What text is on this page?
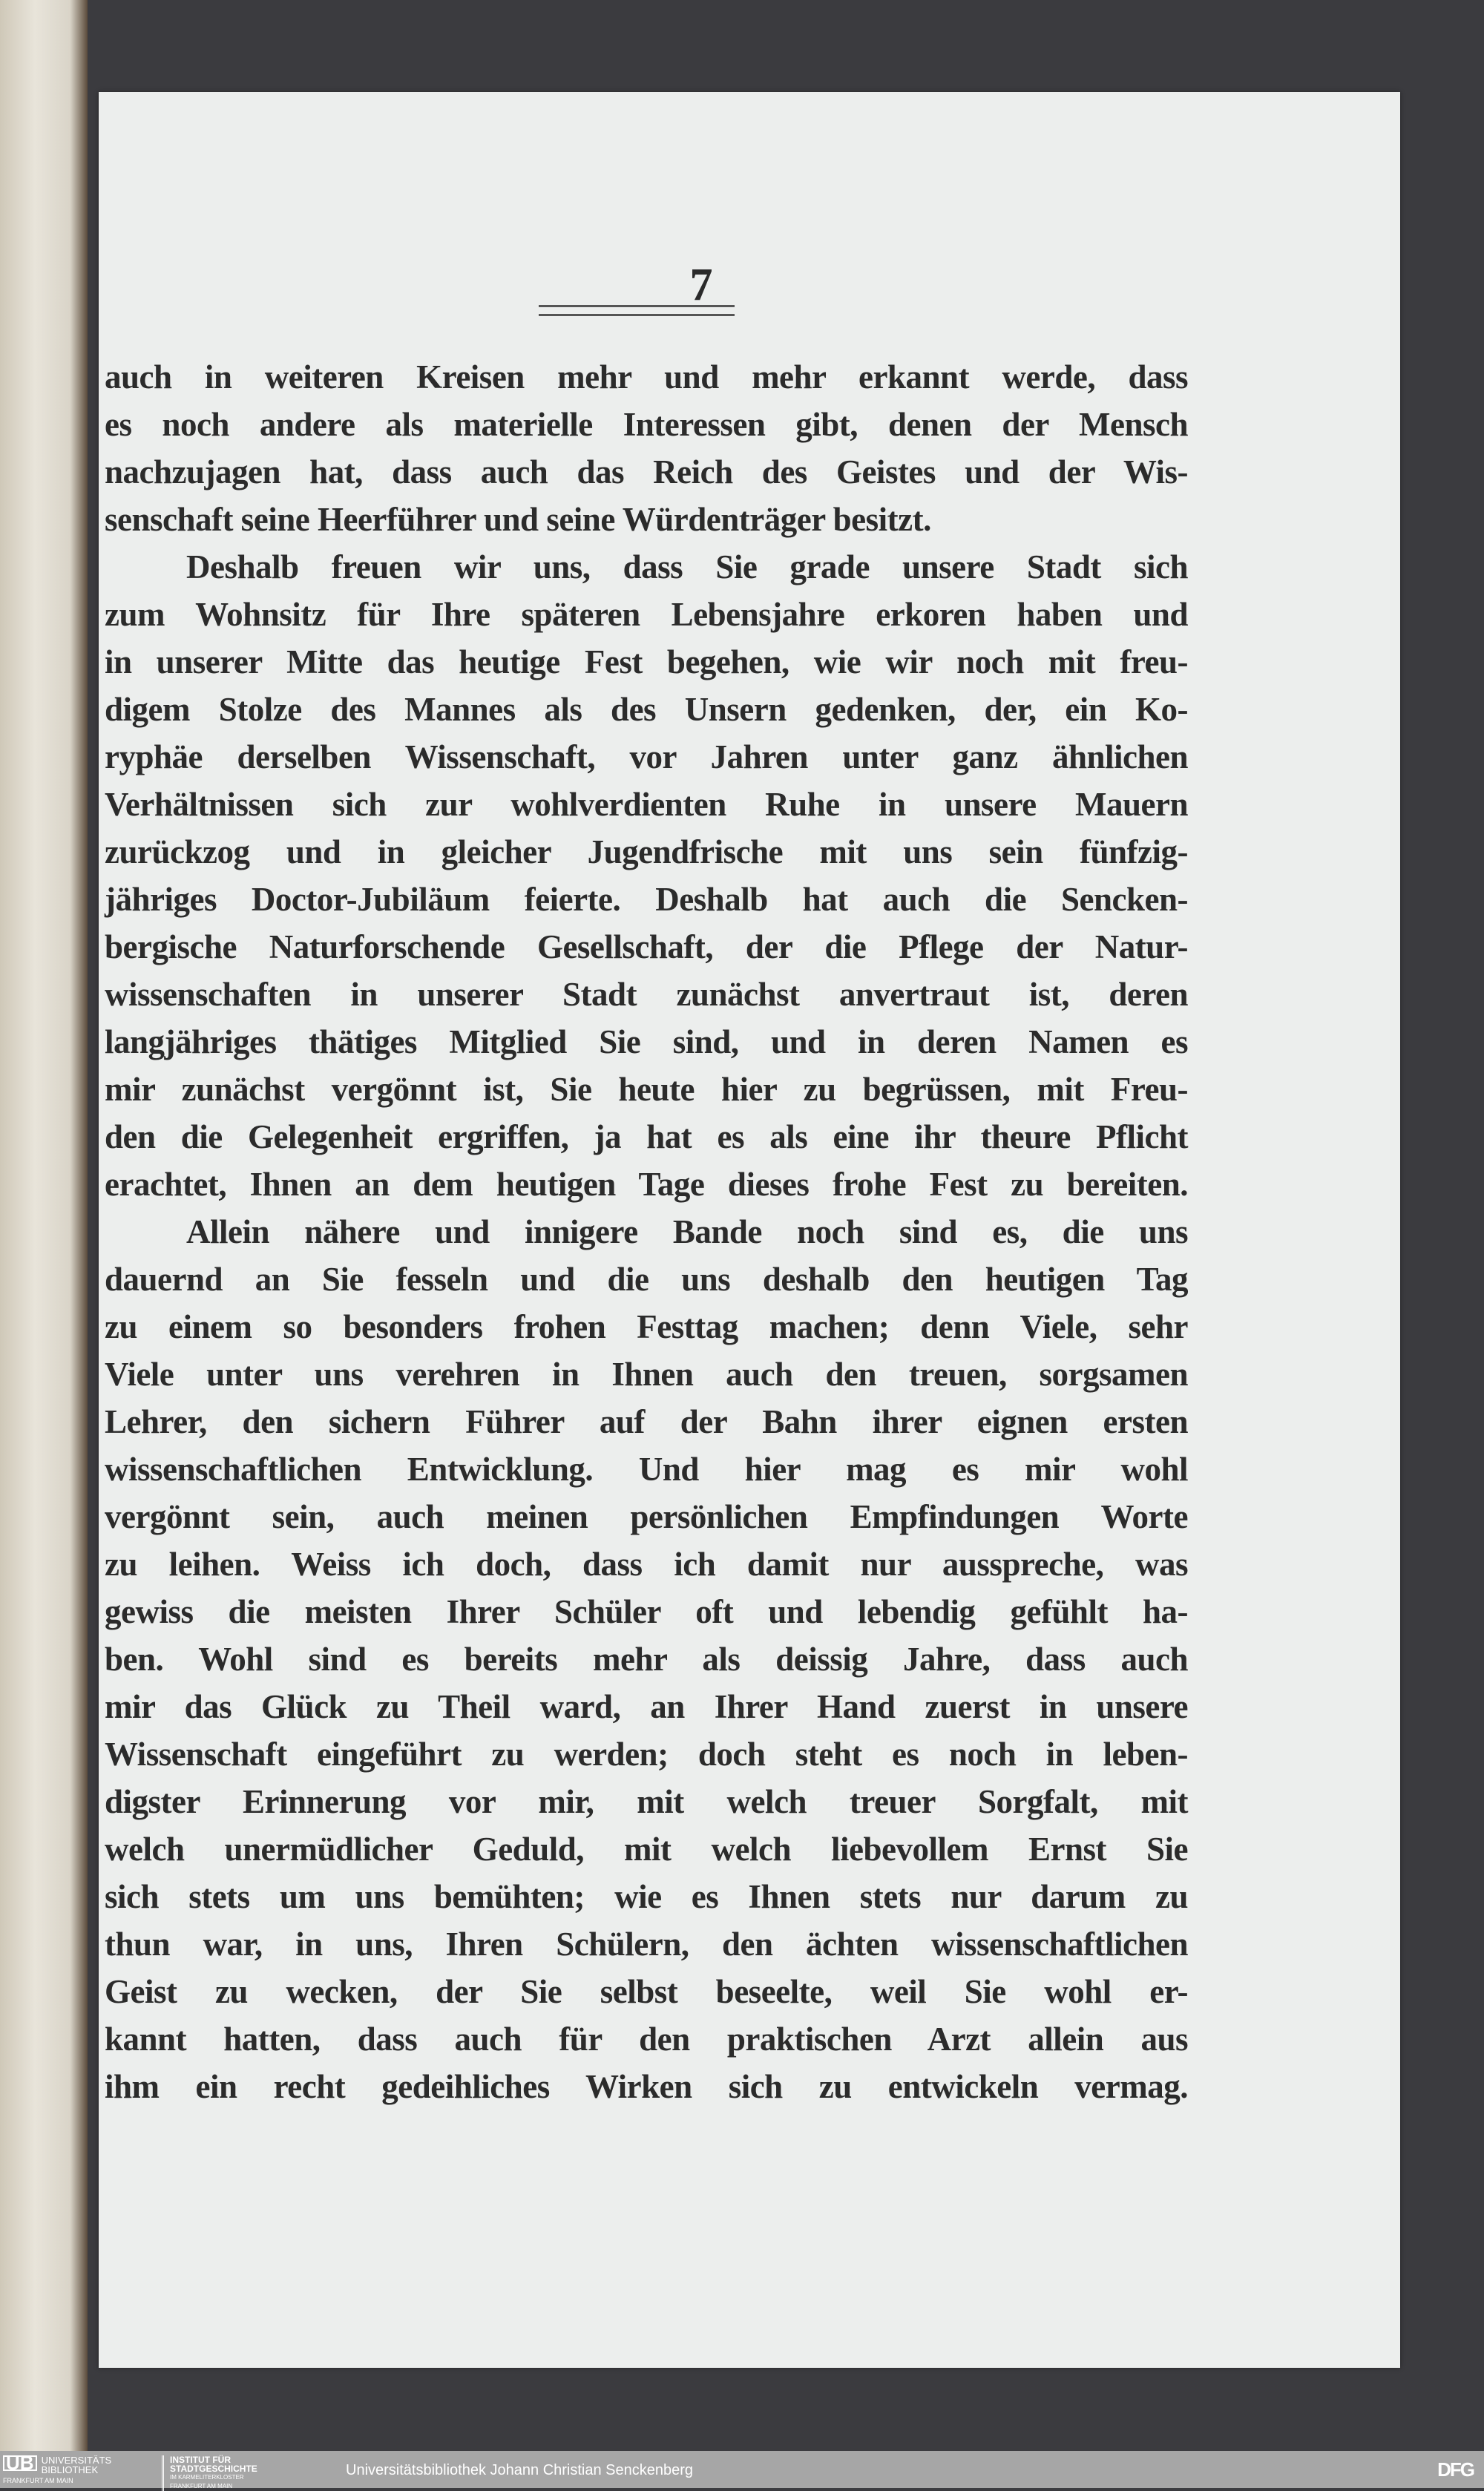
7
auch in weiteren Kreisen mehr und mehr erkannt werde, dass
es noch andere als materielle Interessen gibt, denen der Mensch
nachzujagen hat, dass auch das Reich des Geistes und der Wis-
senschaft seine Heerführer und seine Würdenträger besitzt.
Deshalb freuen wir uns, dass Sie grade unsere Stadt sich
zum Wohnsitz für Ihre späteren Lebensjahre erkoren haben und
in unserer Mitte das heutige Fest begehen, wie wir noch mit freu-
digem Stolze des Mannes als des Unsern gedenken, der, ein Ko-
ryphäe derselben Wissenschaft, vor Jahren unter ganz ähnlichen
Verhältnissen sich zur wohlverdienten Ruhe in unsere Mauern
zurückzog und in gleicher Jugendfrische mit uns sein fünfzig-
jähriges Doctor-Jubiläum feierte. Deshalb hat auch die Sencken-
bergische Naturforschende Gesellschaft, der die Pflege der Natur-
wissenschaften in unserer Stadt zunächst anvertraut ist, deren
langjähriges thätiges Mitglied Sie sind, und in deren Namen es
mir zunächst vergönnt ist, Sie heute hier zu begrüssen, mit Freu-
den die Gelegenheit ergriffen, ja hat es als eine ihr theure Pflicht
erachtet, Ihnen an dem heutigen Tage dieses frohe Fest zu bereiten.
Allein nähere und innigere Bande noch sind es, die uns
dauernd an Sie fesseln und die uns deshalb den heutigen Tag
zu einem so besonders frohen Festtag machen; denn Viele, sehr
Viele unter uns verehren in Ihnen auch den treuen, sorgsamen
Lehrer, den sichern Führer auf der Bahn ihrer eignen ersten
wissenschaftlichen Entwicklung. Und hier mag es mir wohl
vergönnt sein, auch meinen persönlichen Empfindungen Worte
zu leihen. Weiss ich doch, dass ich damit nur ausspreche, was
gewiss die meisten Ihrer Schüler oft und lebendig gefühlt ha-
ben. Wohl sind es bereits mehr als deissig Jahre, dass auch
mir das Glück zu Theil ward, an Ihrer Hand zuerst in unsere
Wissenschaft eingeführt zu werden; doch steht es noch in leben-
digster Erinnerung vor mir, mit welch treuer Sorgfalt, mit
welch unermüdlicher Geduld, mit welch liebevollem Ernst Sie
sich stets um uns bemühten; wie es Ihnen stets nur darum zu
thun war, in uns, Ihren Schülern, den ächten wissenschaftlichen
Geist zu wecken, der Sie selbst beseelte, weil Sie wohl er-
kannt hatten, dass auch für den praktischen Arzt allein aus
ihm ein recht gedeihliches Wirken sich zu entwickeln vermag.
UB UNIVERSITÄTS
BIBLIOTHEK
FRANKFURT AM MAIN
INSTITUT FÜR
STADTGESCHICHTE
IM KARMELITERKLOSTER
FRANKFURT AM MAIN
Universitätsbibliothek Johann Christian Senckenberg	DFG
